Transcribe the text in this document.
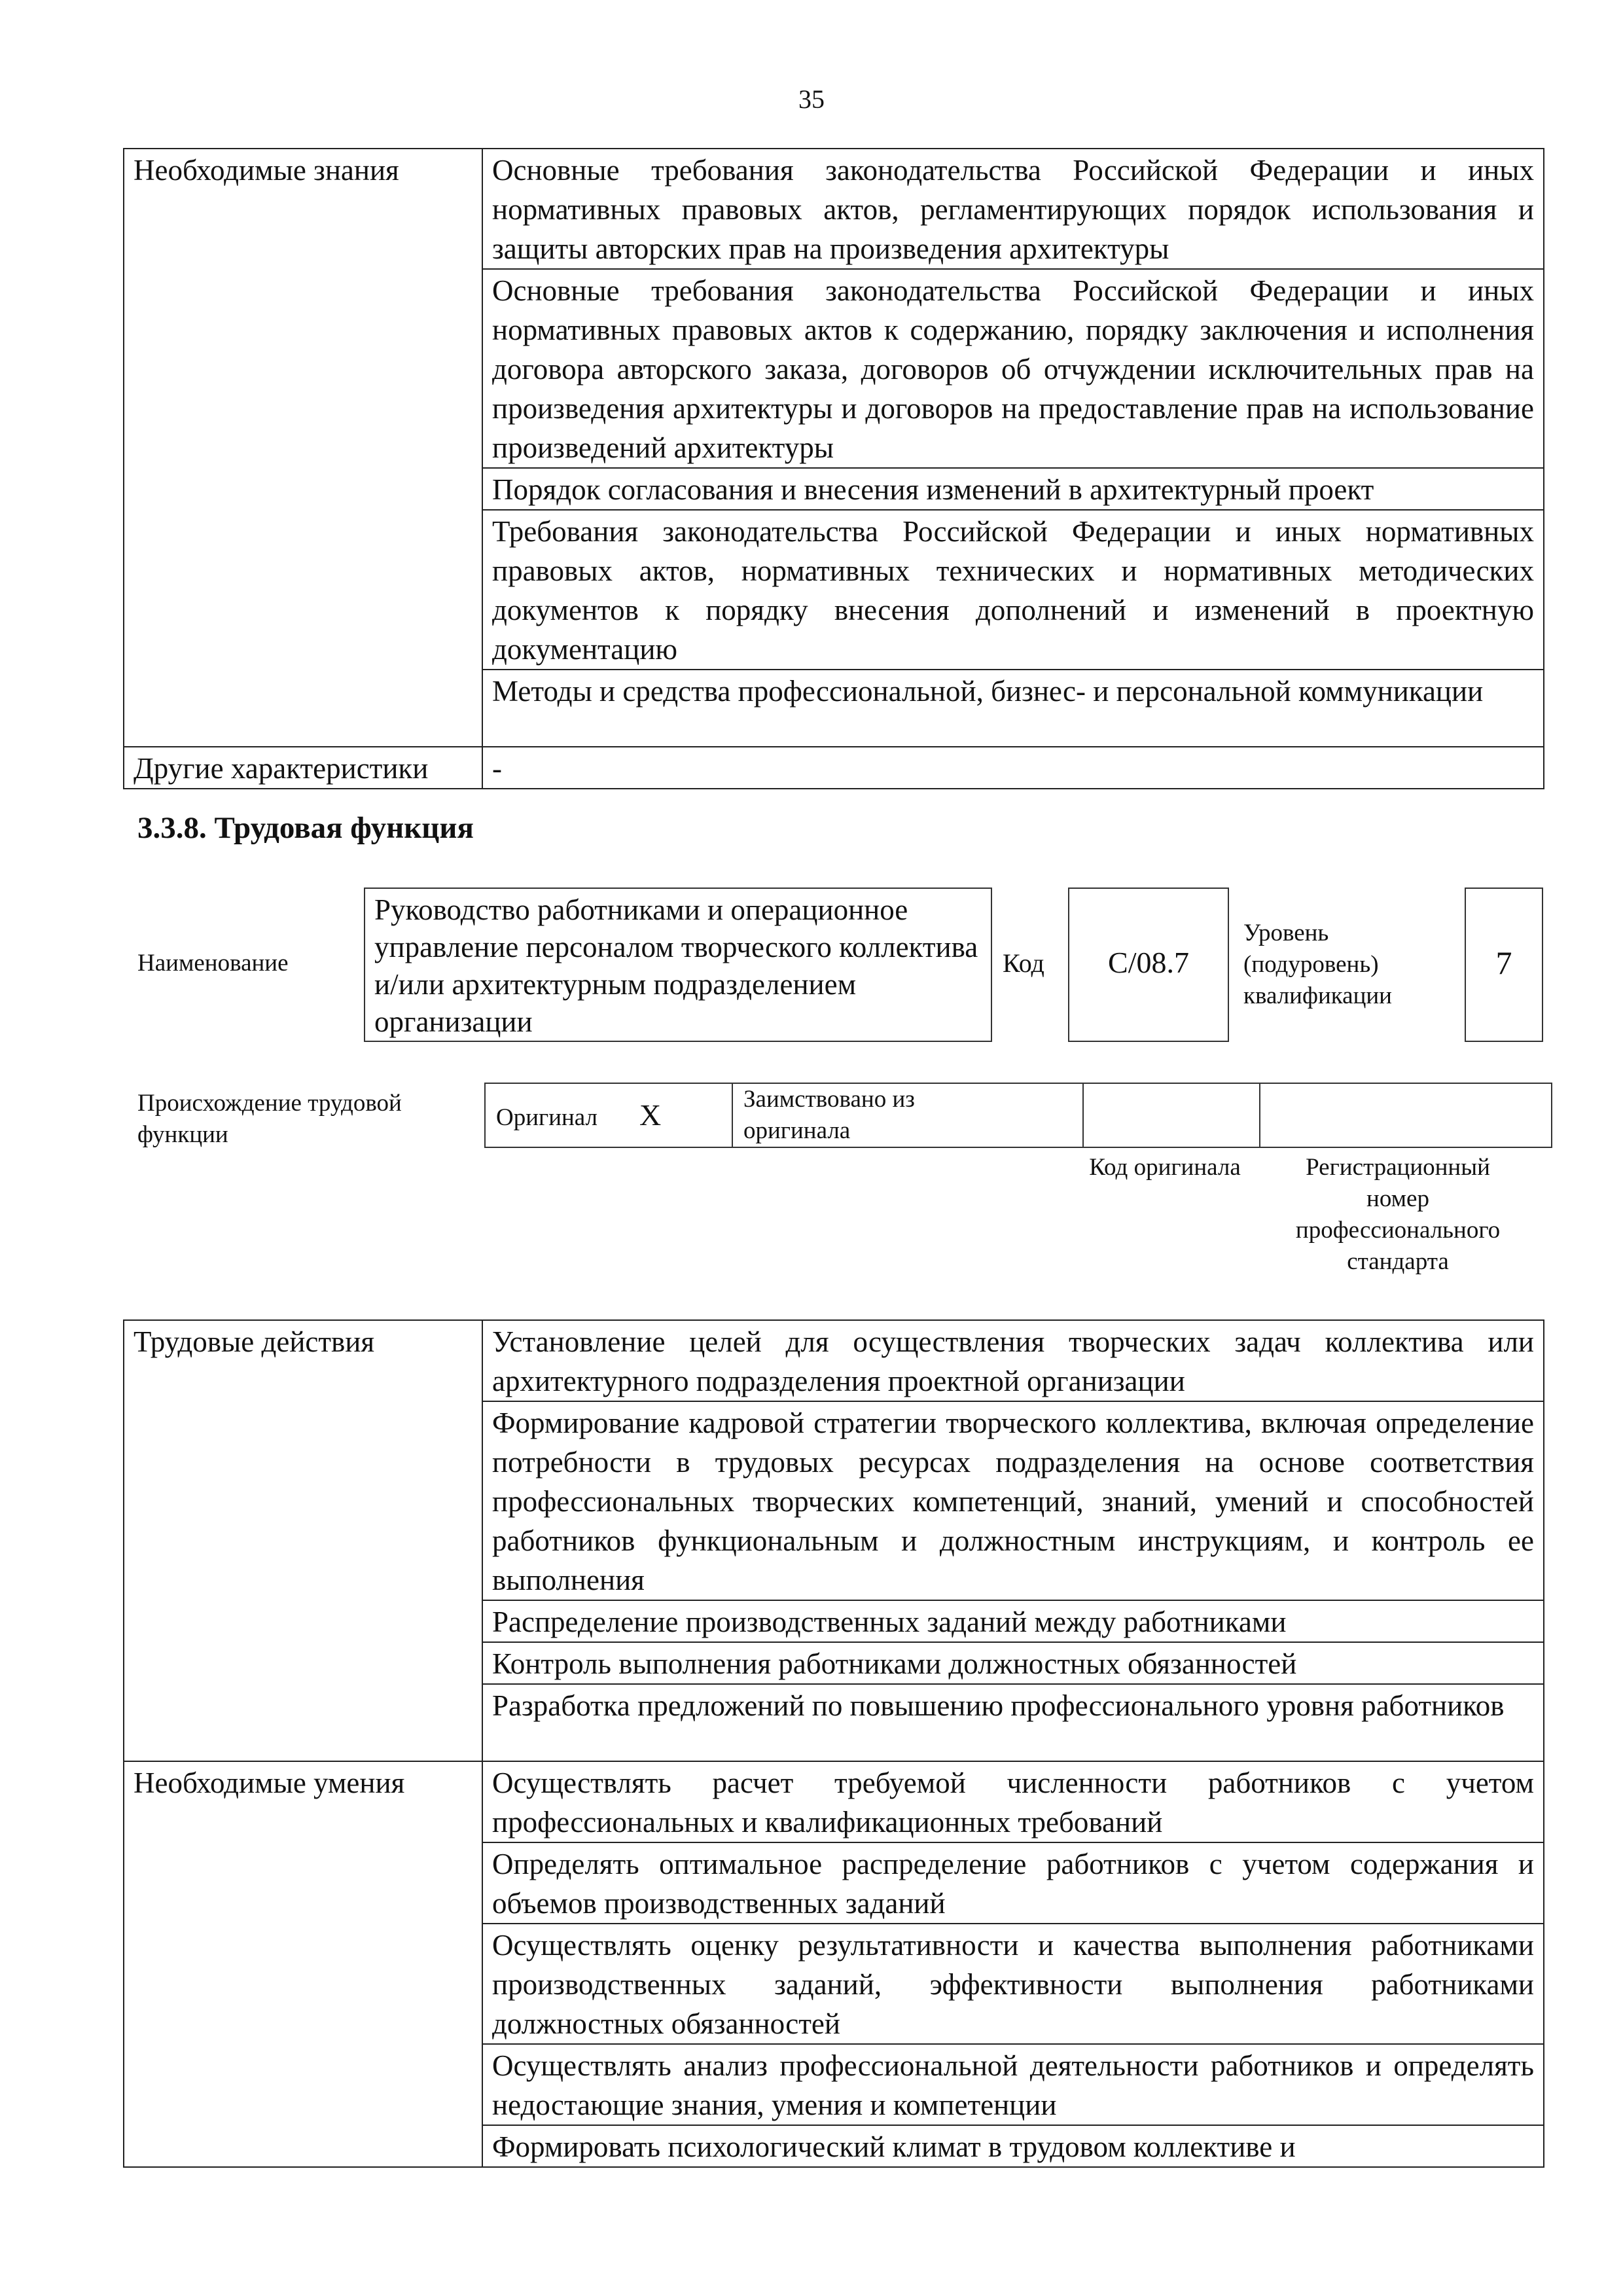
35
Необходимые знания	Основные требования законодательства Российской Федерации и иных нормативных правовых актов, регламентирующих порядок использования и защиты авторских прав на произведения архитектуры

	Основные требования законодательства Российской Федерации и иных нормативных правовых актов к содержанию, порядку заключения и исполнения договора авторского заказа, договоров об отчуждении исключительных прав на произведения архитектуры и договоров на предоставление прав на использование произведений архитектуры

	Порядок согласования и внесения изменений в архитектурный проект

	Требования законодательства Российской Федерации и иных нормативных правовых актов, нормативных технических и нормативных методических документов к порядку внесения дополнений и изменений в проектную документацию

	Методы и средства профессиональной, бизнес- и персональной коммуникации

Другие характеристики	-
3.3.8. Трудовая функция
Наименование
Руководство работниками и операционное управление персоналом творческого коллектива и/или архитектурным подразделением организации
Код	C/08.7
Уровень (подуровень) квалификации
7
Происхождение трудовой функции
Оригинал X	Заимствовано из оригинала

Код оригинала	Регистрационный номер профессионального стандарта
Трудовые действия	Установление целей для осуществления творческих задач коллектива или архитектурного подразделения проектной организации

	Формирование кадровой стратегии творческого коллектива, включая определение потребности в трудовых ресурсах подразделения на основе соответствия профессиональных творческих компетенций, знаний, умений и способностей работников функциональным и должностным инструкциям, и контроль ее выполнения

	Распределение производственных заданий между работниками

	Контроль выполнения работниками должностных обязанностей

	Разработка предложений по повышению профессионального уровня работников

Необходимые умения	Осуществлять расчет требуемой численности работников с учетом профессиональных и квалификационных требований

	Определять оптимальное распределение работников с учетом содержания и объемов производственных заданий

	Осуществлять оценку результативности и качества выполнения работниками производственных заданий, эффективности выполнения работниками должностных обязанностей

	Осуществлять анализ профессиональной деятельности работников и определять недостающие знания, умения и компетенции

	Формировать психологический климат в трудовом коллективе и
